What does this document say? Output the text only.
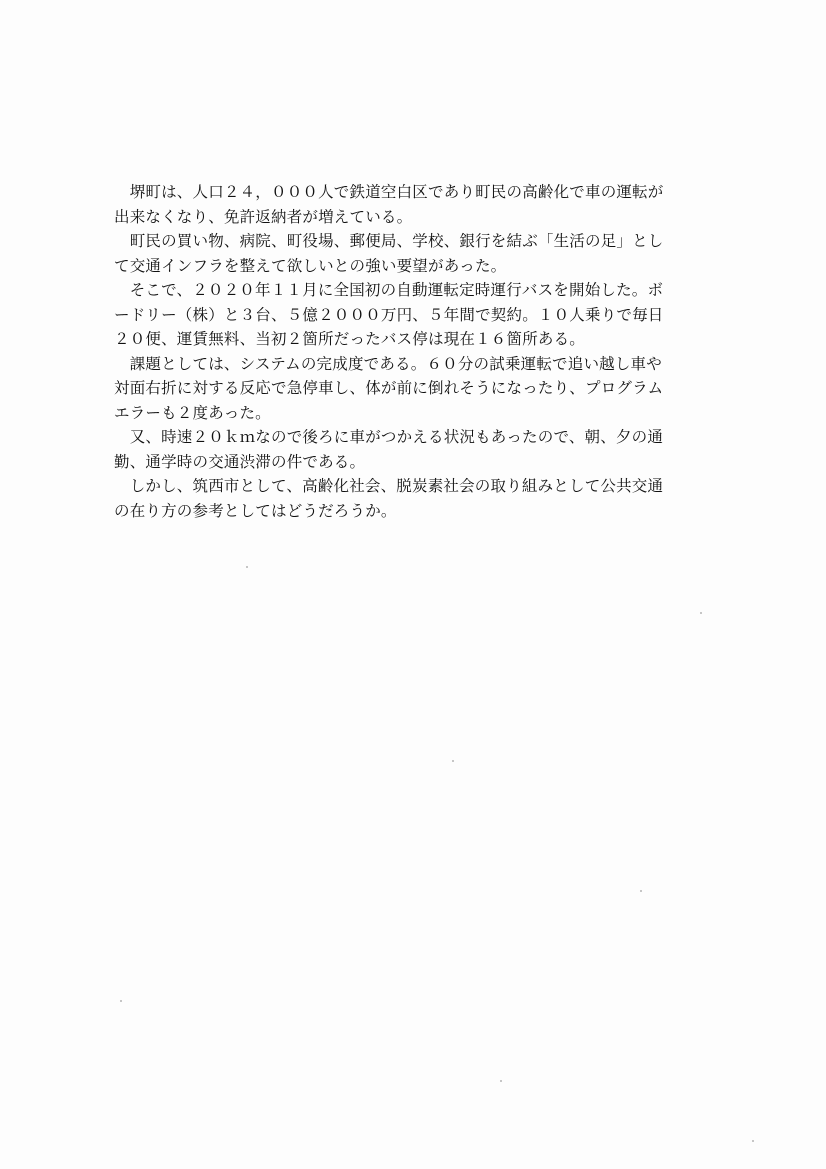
　堺町は、人口２４，０００人で鉄道空白区であり町民の高齢化で車の運転が
出来なくなり、免許返納者が増えている。
　町民の買い物、病院、町役場、郵便局、学校、銀行を結ぶ「生活の足」とし
て交通インフラを整えて欲しいとの強い要望があった。
　そこで、２０２０年１１月に全国初の自動運転定時運行バスを開始した。ボ
ードリー（株）と３台、５億２０００万円、５年間で契約。１０人乗りで毎日
２０便、運賃無料、当初２箇所だったバス停は現在１６箇所ある。
　課題としては、システムの完成度である。６０分の試乗運転で追い越し車や
対面右折に対する反応で急停車し、体が前に倒れそうになったり、プログラム
エラーも２度あった。
　又、時速２０ｋｍなので後ろに車がつかえる状況もあったので、朝、夕の通
勤、通学時の交通渋滞の件である。
　しかし、筑西市として、高齢化社会、脱炭素社会の取り組みとして公共交通
の在り方の参考としてはどうだろうか。
